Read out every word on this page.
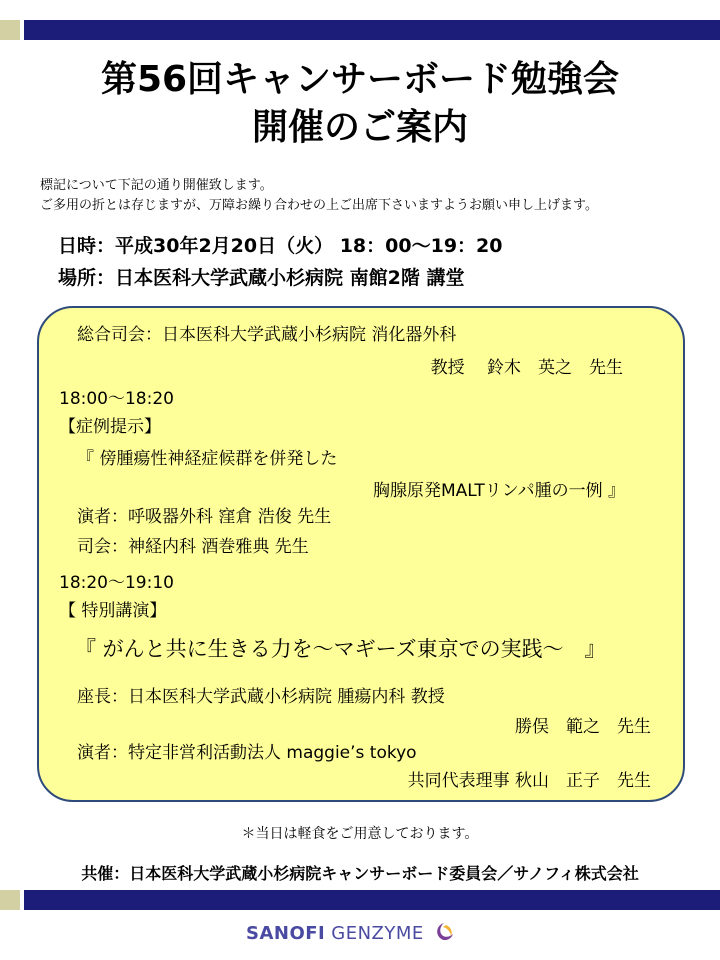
第56回キャンサーボード勉強会
開催のご案内
標記について下記の通り開催致します。
ご多用の折とは存じますが、万障お繰り合わせの上ご出席下さいますようお願い申し上げます。
日時：平成30年2月20日（火） 18：00～19：20
場所：日本医科大学武蔵小杉病院 南館2階 講堂
総合司会：日本医科大学武蔵小杉病院 消化器外科
教授　 鈴木　英之　先生
18:00～18:20
【症例提示】
『 傍腫瘍性神経症候群を併発した
胸腺原発MALTリンパ腫の一例 』
演者：呼吸器外科 窪倉 浩俊 先生
司会：神経内科 酒巻雅典 先生
18:20～19:10
【 特別講演】
『 がんと共に生きる力を～マギーズ東京での実践～　』
座長：日本医科大学武蔵小杉病院 腫瘍内科 教授
勝俣　範之　先生
演者：特定非営利活動法人 maggie’s tokyo
共同代表理事 秋山　正子　先生
＊当日は軽食をご用意しております。
共催：日本医科大学武蔵小杉病院キャンサーボード委員会／サノフィ株式会社
SANOFI GENZYME
